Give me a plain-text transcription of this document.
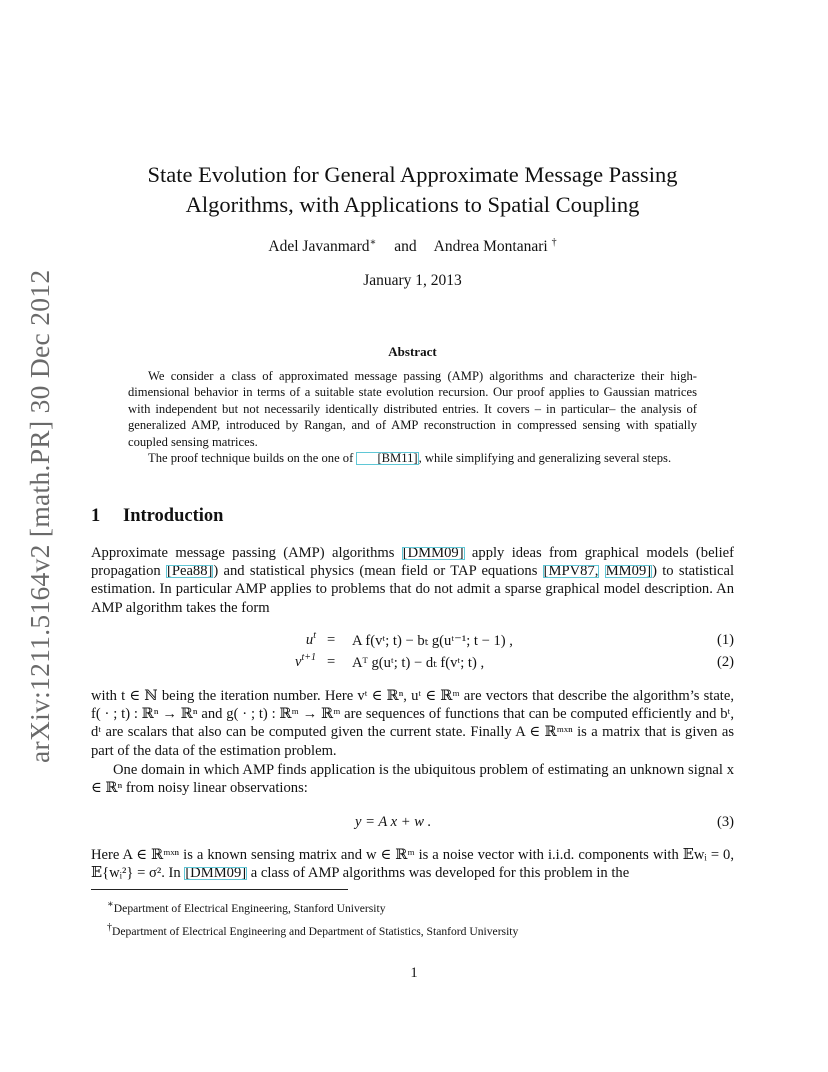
arXiv:1211.5164v2 [math.PR] 30 Dec 2012
State Evolution for General Approximate Message Passing
Algorithms, with Applications to Spatial Coupling
Adel Javanmard∗ and Andrea Montanari †
January 1, 2013
Abstract

We consider a class of approximated message passing (AMP) algorithms and characterize their high-dimensional behavior in terms of a suitable state evolution recursion. Our proof applies to Gaussian matrices with independent but not necessarily identically distributed entries. It covers – in particular– the analysis of generalized AMP, introduced by Rangan, and of AMP reconstruction in compressed sensing with spatially coupled sensing matrices.

The proof technique builds on the one of [BM11], while simplifying and generalizing several steps.

1 Introduction

Approximate message passing (AMP) algorithms [DMM09] apply ideas from graphical models (belief propagation [Pea88]) and statistical physics (mean field or TAP equations [MPV87, MM09]) to statistical estimation. In particular AMP applies to problems that do not admit a sparse graphical model description. An AMP algorithm takes the form

$u^t = A$ f(vᵗ; t) − bₜ g(uᵗ⁻¹; t − 1) ,	(1)
$v^{t+1}$ = Aᵀ g(uᵗ; t) − dₜ f(vᵗ; t) ,	(2)

with t ∈ ℕ being the iteration number. Here vᵗ ∈ ℝⁿ, uᵗ ∈ ℝᵐ are vectors that describe the algorithm’s state, f( · ; t) : ℝⁿ → ℝⁿ and g( · ; t) : ℝᵐ → ℝᵐ are sequences of functions that can be computed efficiently and bᵗ, dᵗ are scalars that also can be computed given the current state. Finally A ∈ ℝᵐˣⁿ is a matrix that is given as part of the data of the estimation problem.

One domain in which AMP finds application is the ubiquitous problem of estimating an unknown signal x ∈ ℝⁿ from noisy linear observations:

y = A x + w .	(3)

Here A ∈ ℝᵐˣⁿ is a known sensing matrix and w ∈ ℝᵐ is a noise vector with i.i.d. components with 𝔼wᵢ = 0, 𝔼{wᵢ²} = σ². In [DMM09] a class of AMP algorithms was developed for this problem in the

∗Department of Electrical Engineering, Stanford University
†Department of Electrical Engineering and Department of Statistics, Stanford University
1
